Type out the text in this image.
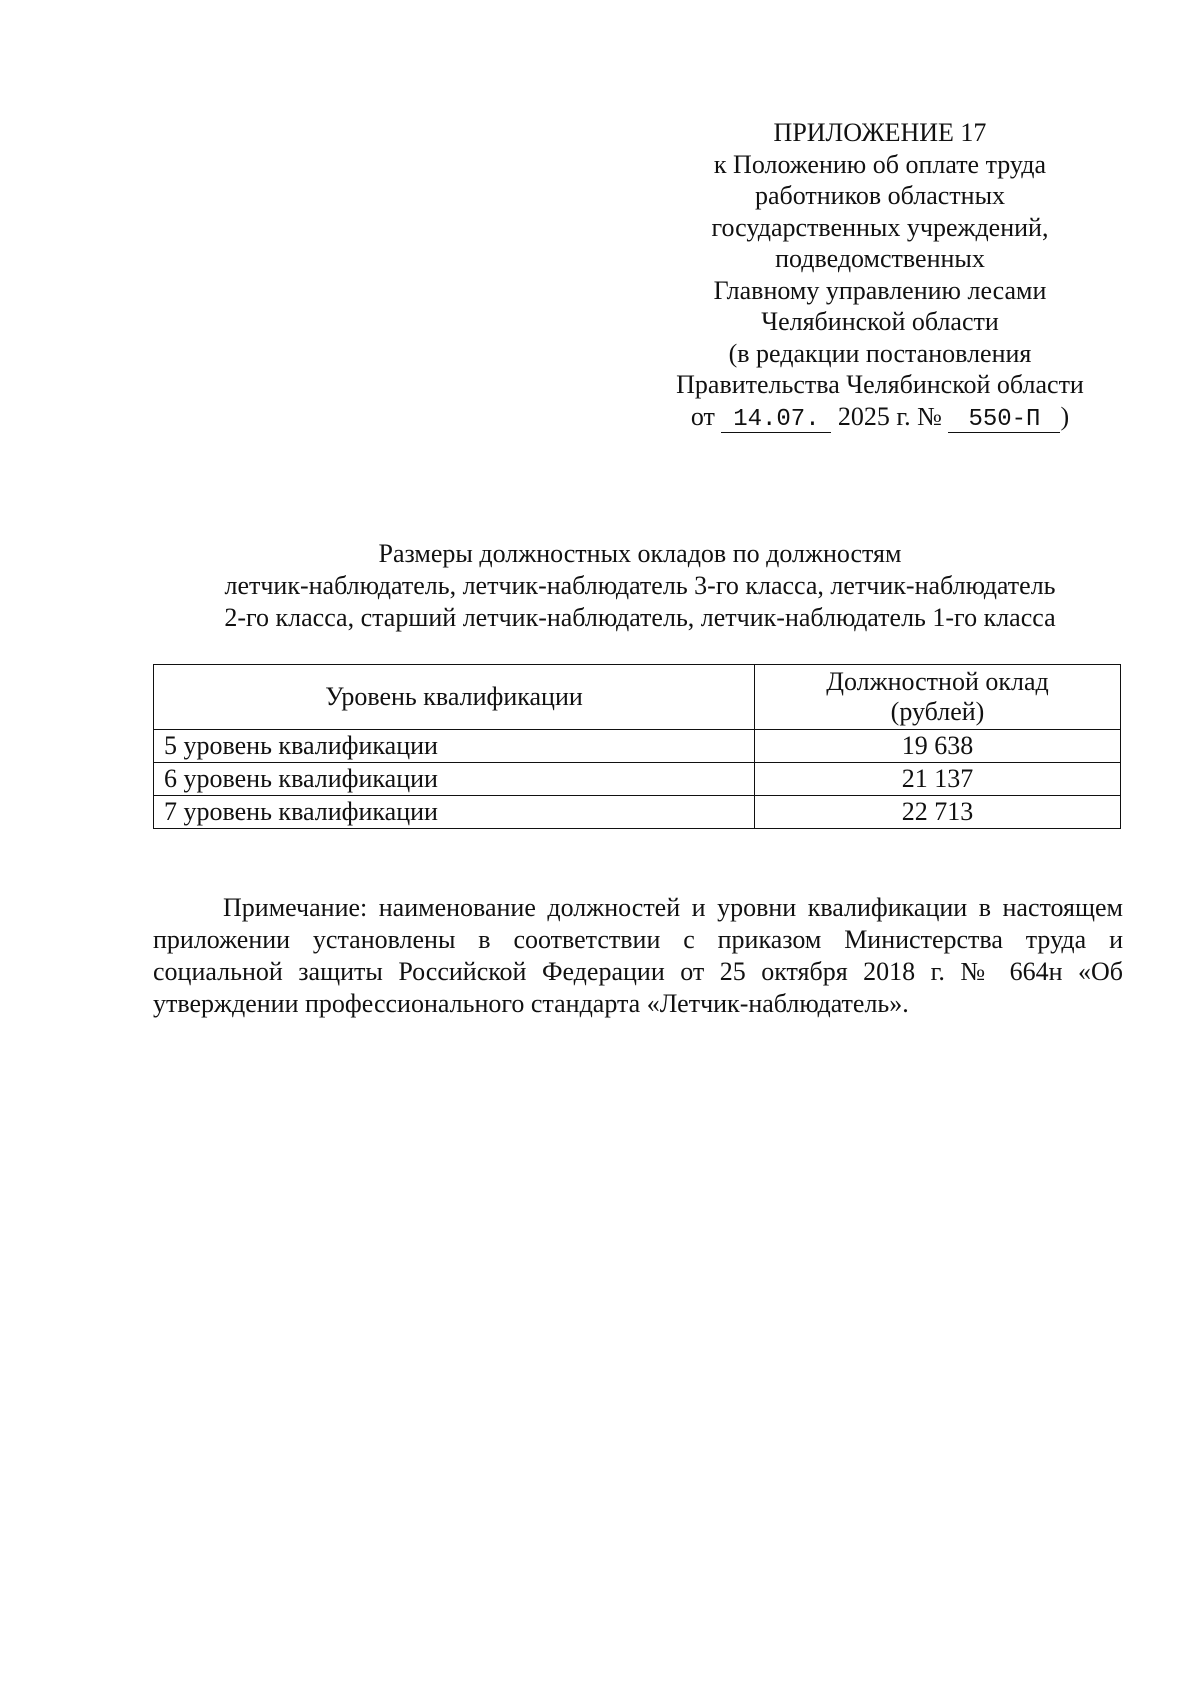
ПРИЛОЖЕНИЕ 17
к Положению об оплате труда
работников областных
государственных учреждений,
подведомственных
Главному управлению лесами
Челябинской области
(в редакции постановления
Правительства Челябинской области
от 14.07. 2025 г. № 550-П )
Размеры должностных окладов по должностям
летчик-наблюдатель, летчик-наблюдатель 3-го класса, летчик-наблюдатель
2-го класса, старший летчик-наблюдатель, летчик-наблюдатель 1-го класса
Уровень квалификации	Должностной оклад
(рублей)
5 уровень квалификации	19 638
6 уровень квалификации	21 137
7 уровень квалификации	22 713

Примечание: наименование должностей и уровни квалификации в настоящем приложении установлены в соответствии с приказом Министерства труда и социальной защиты Российской Федерации от 25 октября 2018 г. № 664н «Об утверждении профессионального стандарта «Летчик-наблюдатель».
